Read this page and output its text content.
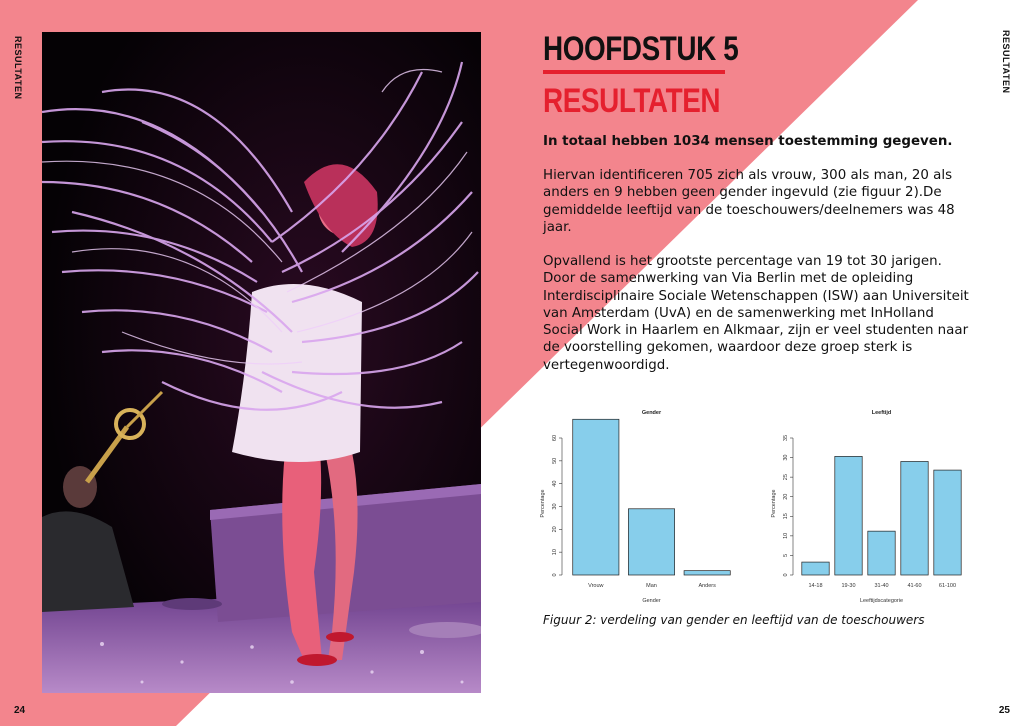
RESULTATEN	RESULTATEN
24	25
HOOFDSTUK 5
RESULTATEN
In totaal hebben 1034 mensen toestemming gegeven.
Hiervan identificeren 705 zich als vrouw, 300 als man, 20 als anders en 9 hebben geen gender ingevuld (zie figuur 2).De gemiddelde leeftijd van de toeschouwers/deelnemers was 48 jaar.
Opvallend is het grootste percentage van 19 tot 30 jarigen. Door de samenwerking van Via Berlin met de opleiding Interdisciplinaire Sociale Wetenschappen (ISW) aan Universiteit van Amsterdam (UvA) en de samenwerking met InHolland Social Work in Haarlem en Alkmaar, zijn er veel studenten naar de voorstelling gekomen, waardoor deze groep sterk is vertegenwoordigd.
Gender
0
10
20
30
40
50
60
Percentage
Vrouw	Man	Anders
Gender
Leeftijd
0
5
10
15
20
25
30
35
Percentage
14-18	19-30	31-40	41-60	61-100
Leeftijdscategorie
Figuur 2: verdeling van gender en leeftijd van de toeschouwers
